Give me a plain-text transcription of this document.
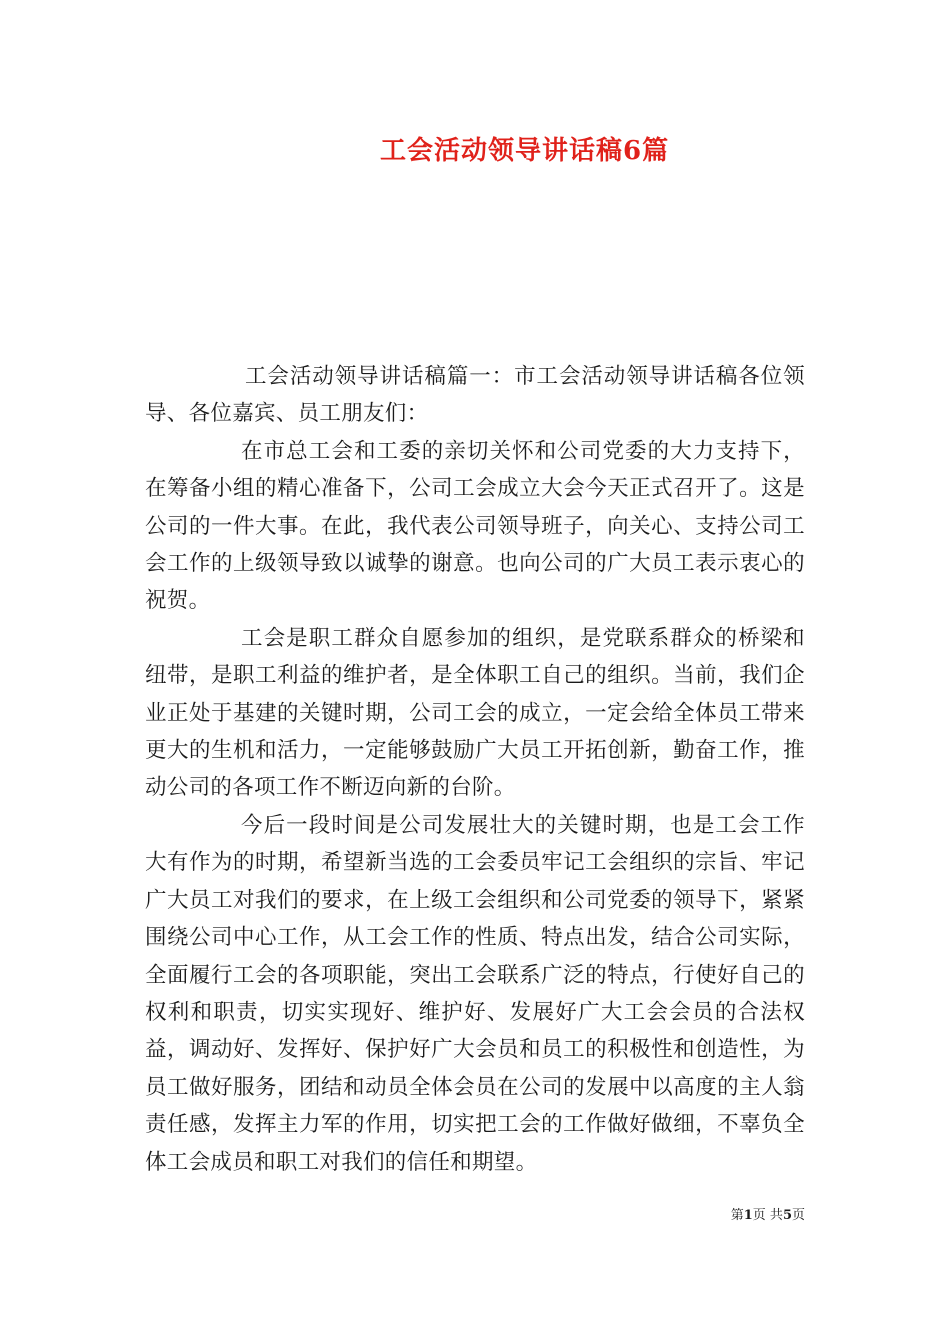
工会活动领导讲话稿6篇

工会活动领导讲话稿篇一：市工会活动领导讲话稿各位领导、各位嘉宾、员工朋友们：

在市总工会和工委的亲切关怀和公司党委的大力支持下，在筹备小组的精心准备下，公司工会成立大会今天正式召开了。这是公司的一件大事。在此，我代表公司领导班子，向关心、支持公司工会工作的上级领导致以诚挚的谢意。也向公司的广大员工表示衷心的祝贺。

工会是职工群众自愿参加的组织，是党联系群众的桥梁和纽带，是职工利益的维护者，是全体职工自己的组织。当前，我们企业正处于基建的关键时期，公司工会的成立，一定会给全体员工带来更大的生机和活力，一定能够鼓励广大员工开拓创新，勤奋工作，推动公司的各项工作不断迈向新的台阶。

今后一段时间是公司发展壮大的关键时期，也是工会工作大有作为的时期，希望新当选的工会委员牢记工会组织的宗旨、牢记广大员工对我们的要求，在上级工会组织和公司党委的领导下，紧紧围绕公司中心工作，从工会工作的性质、特点出发，结合公司实际，全面履行工会的各项职能，突出工会联系广泛的特点，行使好自己的权利和职责，切实实现好、维护好、发展好广大工会会员的合法权益，调动好、发挥好、保护好广大会员和员工的积极性和创造性，为员工做好服务，团结和动员全体会员在公司的发展中以高度的主人翁责任感，发挥主力军的作用，切实把工会的工作做好做细，不辜负全体工会成员和职工对我们的信任和期望。

第1页 共5页
